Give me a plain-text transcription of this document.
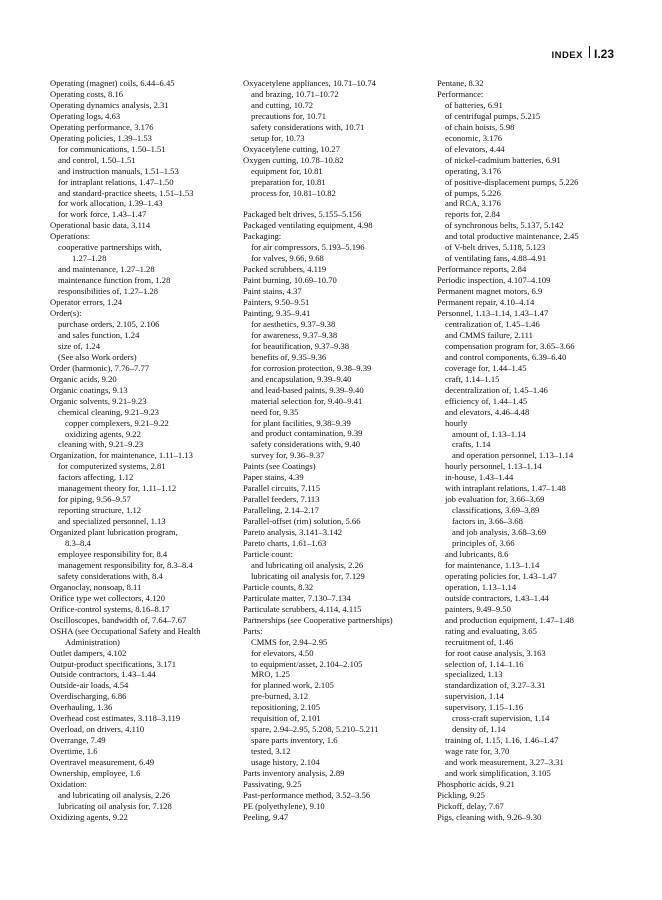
INDEX I.23
Operating (magnet) coils, 6.44–6.45
Operating costs, 8.16
Operating dynamics analysis, 2.31
Operating logs, 4.63
Operating performance, 3.176
Operating policies, 1.39–1.53
for communications, 1.50–1.51
and control, 1.50–1.51
and instruction manuals, 1.51–1.53
for intraplant relations, 1.47–1.50
and standard-practice sheets, 1.51–1.53
for work allocation, 1.39–1.43
for work force, 1.43–1.47
Operational basic data, 3.114
Operations:
cooperative partnerships with,
1.27–1.28
and maintenance, 1.27–1.28
maintenance function from, 1.28
responsibilities of, 1.27–1.28
Operator errors, 1.24
Order(s):
purchase orders, 2.105, 2.106
and sales function, 1.24
size of, 1.24
(See also Work orders)
Order (harmonic), 7.76–7.77
Organic acids, 9.20
Organic coatings, 9.13
Organic solvents, 9.21–9.23
chemical cleaning, 9.21–9.23
copper complexers, 9.21–9.22
oxidizing agents, 9.22
cleaning with, 9.21–9.23
Organization, for maintenance, 1.11–1.13
for computerized systems, 2.81
factors affecting, 1.12
management theory for, 1.11–1.12
for piping, 9.56–9.57
reporting structure, 1.12
and specialized personnel, 1.13
Organized plant lubrication program,
8.3–8.4
employee responsibility for, 8.4
management responsibility for, 8.3–8.4
safety considerations with, 8.4
Organoclay, nonsoap, 8.11
Orifice type wet collectors, 4.120
Orifice-control systems, 8.16–8.17
Oscilloscopes, bandwidth of, 7.64–7.67
OSHA (see Occupational Safety and Health
Administration)
Outlet dampers, 4.102
Output-product specifications, 3.171
Outside contractors, 1.43–1.44
Outside-air loads, 4.54
Overdischarging, 6.86
Overhauling, 1.36
Overhead cost estimates, 3.118–3.119
Overload, on drivers, 4.110
Overrange, 7.49
Overtime, 1.6
Overtravel measurement, 6.49
Ownership, employee, 1.6
Oxidation:
and lubricating oil analysis, 2.26
lubricating oil analysis for, 7.128
Oxidizing agents, 9.22
Oxyacetylene appliances, 10.71–10.74
and brazing, 10.71–10.72
and cutting, 10.72
precautions for, 10.71
safety considerations with, 10.71
setup for, 10.73
Oxyacetylene cutting, 10.27
Oxygen cutting, 10.78–10.82
equipment for, 10.81
preparation for, 10.81
process for, 10.81–10.82
Packaged belt drives, 5.155–5.156
Packaged ventilating equipment, 4.98
Packaging:
for air compressors, 5.193–5.196
for valves, 9.66, 9.68
Packed scrubbers, 4.119
Paint burning, 10.69–10.70
Paint stains, 4.37
Painters, 9.50–9.51
Painting, 9.35–9.41
for aesthetics, 9.37–9.38
for awareness, 9.37–9.38
for beautification, 9.37–9.38
benefits of, 9.35–9.36
for corrosion protection, 9.38–9.39
and encapsulation, 9.39–9.40
and lead-based paints, 9.39–9.40
material selection for, 9.40–9.41
need for, 9.35
for plant facilities, 9.38–9.39
and product contamination, 9.39
safety considerations with, 9.40
survey for, 9.36–9.37
Paints (see Coatings)
Paper stains, 4.39
Parallel circuits, 7.115
Parallel feeders, 7.113
Paralleling, 2.14–2.17
Parallel-offset (rim) solution, 5.66
Pareto analysis, 3.141–3.142
Pareto charts, 1.61–1.63
Particle count:
and lubricating oil analysis, 2.26
lubricating oil analysis for, 7.129
Particle counts, 8.32
Particulate matter, 7.130–7.134
Particulate scrubbers, 4.114, 4.115
Partnerships (see Cooperative partnerships)
Parts:
CMMS for, 2.94–2.95
for elevators, 4.50
to equipment/asset, 2.104–2.105
MRO, 1.25
for planned work, 2.105
pre-burned, 3.12
repositioning, 2.105
requisition of, 2.101
spare, 2.94–2.95, 5.208, 5.210–5.211
spare parts inventory, 1.6
tested, 3.12
usage history, 2.104
Parts inventory analysis, 2.89
Passivating, 9.25
Past-performance method, 3.52–3.56
PE (polyethylene), 9.10
Peeling, 9.47
Pentane, 8.32
Performance:
of batteries, 6.91
of centrifugal pumps, 5.215
of chain hoists, 5.98
economic, 3.176
of elevators, 4.44
of nickel-cadmium batteries, 6.91
operating, 3.176
of positive-displacement pumps, 5.226
of pumps, 5.226
and RCA, 3.176
reports for, 2.84
of synchronous belts, 5.137, 5.142
and total productive maintenance, 2.45
of V-belt drives, 5.118, 5.123
of ventilating fans, 4.88–4.91
Performance reports, 2.84
Periodic inspection, 4.107–4.109
Permanent magnet motors, 6.9
Permanent repair, 4.10–4.14
Personnel, 1.13–1.14, 1.43–1.47
centralization of, 1.45–1.46
and CMMS failure, 2.111
compensation program for, 3.65–3.66
and control components, 6.39–6.40
coverage for, 1.44–1.45
craft, 1.14–1.15
decentralization of, 1.45–1.46
efficiency of, 1.44–1.45
and elevators, 4.46–4.48
hourly
amount of, 1.13–1.14
crafts, 1.14
and operation personnel, 1.13–1.14
hourly personnel, 1.13–1.14
in-house, 1.43–1.44
with intraplant relations, 1.47–1.48
job evaluation for, 3.66–3.69
classifications, 3.69–3.89
factors in, 3.66–3.68
and job analysis, 3.68–3.69
principles of, 3.66
and lubricants, 8.6
for maintenance, 1.13–1.14
operating policies for, 1.43–1.47
operation, 1.13–1.14
outside contractors, 1.43–1.44
painters, 9.49–9.50
and production equipment, 1.47–1.48
rating and evaluating, 3.65
recruitment of, 1.46
for root cause analysis, 3.163
selection of, 1.14–1.16
specialized, 1.13
standardization of, 3.27–3.31
supervision, 1.14
supervisory, 1.15–1.16
cross-craft supervision, 1.14
density of, 1.14
training of, 1.15, 1.16, 1.46–1.47
wage rate for, 3.70
and work measurement, 3.27–3.31
and work simplification, 3.105
Phosphoric acids, 9.21
Pickling, 9.25
Pickoff, delay, 7.67
Pigs, cleaning with, 9.26–9.30
